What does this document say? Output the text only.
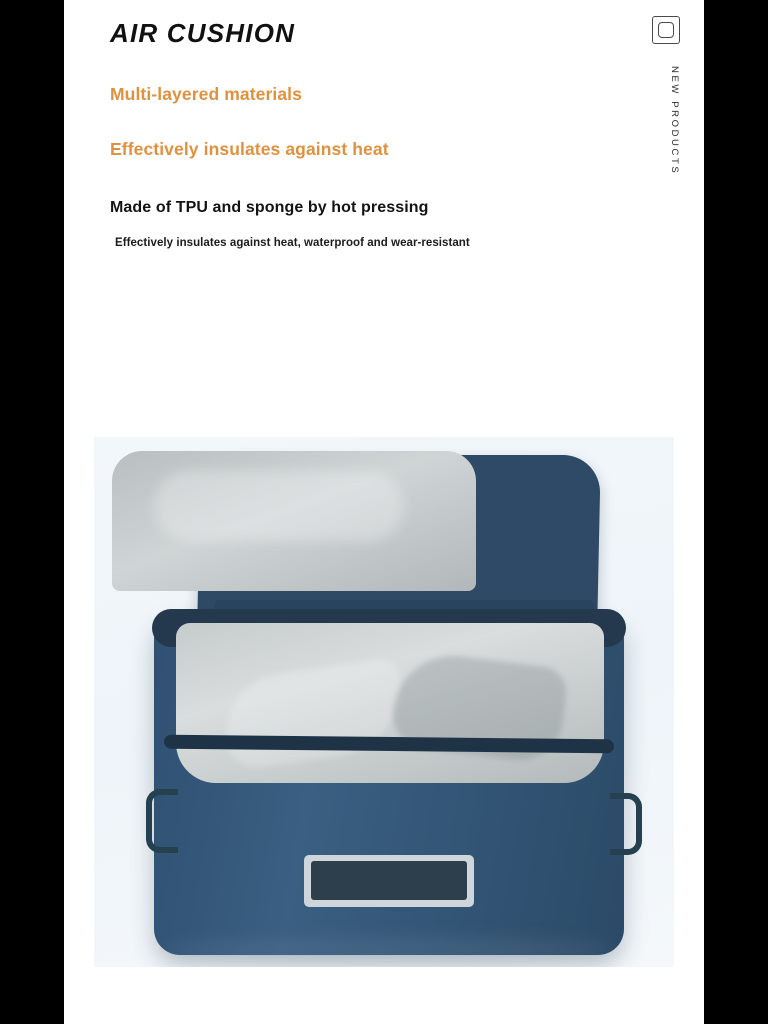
AIR CUSHION
NEW PRODUCTS
Multi-layered materials
Effectively insulates against heat
Made of TPU and sponge by hot pressing
Effectively insulates against heat, waterproof and wear-resistant
